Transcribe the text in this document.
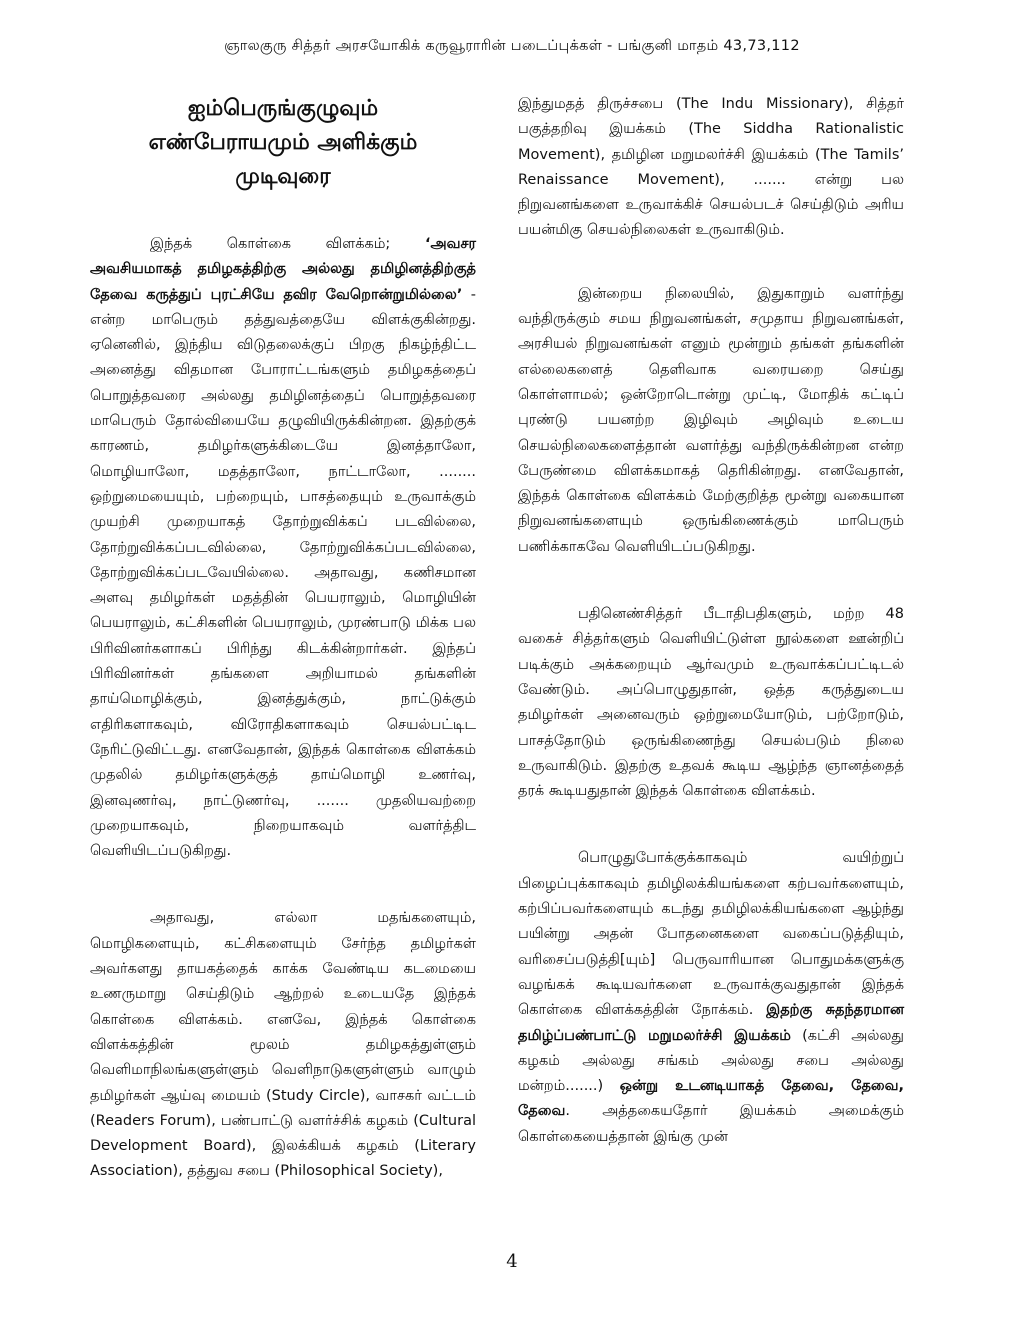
ஞாலகுரு சித்தர் அரசயோகிக் கருவூராரின் படைப்புக்கள் - பங்குனி மாதம் 43,73,112
ஐம்பெருங்குழுவும்
எண்பேராயமும் அளிக்கும்
முடிவுரை

இந்தக் கொள்கை விளக்கம்; ‘அவசர அவசியமாகத் தமிழகத்திற்கு அல்லது தமிழினத்திற்குத் தேவை கருத்துப் புரட்சியே தவிர வேறொன்றுமில்லை’ - என்ற மாபெரும் தத்துவத்தையே விளக்குகின்றது. ஏனெனில், இந்திய விடுதலைக்குப் பிறகு நிகழ்ந்திட்ட அனைத்து விதமான போராட்டங்களும் தமிழகத்தைப் பொறுத்தவரை அல்லது தமிழினத்தைப் பொறுத்தவரை மாபெரும் தோல்வியையே தழுவியிருக்கின்றன. இதற்குக் காரணம், தமிழர்களுக்கிடையே இனத்தாலோ, மொழியாலோ, மதத்தாலோ, நாட்டாலோ, ........ ஒற்றுமையையும், பற்றையும், பாசத்தையும் உருவாக்கும் முயற்சி முறையாகத் தோற்றுவிக்கப் படவில்லை, தோற்றுவிக்கப்படவில்லை, தோற்றுவிக்கப்படவில்லை, தோற்றுவிக்கப்படவேயில்லை. அதாவது, கணிசமான அளவு தமிழர்கள் மதத்தின் பெயராலும், மொழியின் பெயராலும், கட்சிகளின் பெயராலும், முரண்பாடு மிக்க பல பிரிவினர்களாகப் பிரிந்து கிடக்கின்றார்கள். இந்தப் பிரிவினர்கள் தங்களை அறியாமல் தங்களின் தாய்மொழிக்கும், இனத்துக்கும், நாட்டுக்கும் எதிரிகளாகவும், விரோதிகளாகவும் செயல்பட்டிட நேரிட்டுவிட்டது. எனவேதான், இந்தக் கொள்கை விளக்கம் முதலில் தமிழர்களுக்குத் தாய்மொழி உணர்வு, இனவுணர்வு, நாட்டுணர்வு, ....... முதலியவற்றை முறையாகவும், நிறையாகவும் வளர்த்திட வெளியிடப்படுகிறது.

அதாவது, எல்லா மதங்களையும், மொழிகளையும், கட்சிகளையும் சேர்ந்த தமிழர்கள் அவர்களது தாயகத்தைக் காக்க வேண்டிய கடமையை உணருமாறு செய்திடும் ஆற்றல் உடையதே இந்தக் கொள்கை விளக்கம். எனவே, இந்தக் கொள்கை விளக்கத்தின் மூலம் தமிழகத்துள்ளும் வெளிமாநிலங்களுள்ளும் வெளிநாடுகளுள்ளும் வாழும் தமிழர்கள் ஆய்வு மையம் (Study Circle), வாசகர் வட்டம் (Readers Forum), பண்பாட்டு வளர்ச்சிக் கழகம் (Cultural Development Board), இலக்கியக் கழகம் (Literary Association), தத்துவ சபை (Philosophical Society),

இந்துமதத் திருச்சபை (The Indu Missionary), சித்தர் பகுத்தறிவு இயக்கம் (The Siddha Rationalistic Movement), தமிழின மறுமலர்ச்சி இயக்கம் (The Tamils’ Renaissance Movement), ....... என்று பல நிறுவனங்களை உருவாக்கிச் செயல்படச் செய்திடும் அரிய பயன்மிகு செயல்நிலைகள் உருவாகிடும்.

இன்றைய நிலையில், இதுகாறும் வளர்ந்து வந்திருக்கும் சமய நிறுவனங்கள், சமுதாய நிறுவனங்கள், அரசியல் நிறுவனங்கள் எனும் மூன்றும் தங்கள் தங்களின் எல்லைகளைத் தெளிவாக வரையறை செய்து கொள்ளாமல்; ஒன்றோடொன்று முட்டி, மோதிக் கட்டிப் புரண்டு பயனற்ற இழிவும் அழிவும் உடைய செயல்நிலைகளைத்தான் வளர்த்து வந்திருக்கின்றன என்ற பேருண்மை விளக்கமாகத் தெரிகின்றது. எனவேதான், இந்தக் கொள்கை விளக்கம் மேற்குறித்த மூன்று வகையான நிறுவனங்களையும் ஒருங்கிணைக்கும் மாபெரும் பணிக்காகவே வெளியிடப்படுகிறது.

பதினெண்சித்தர் பீடாதிபதிகளும், மற்ற 48 வகைச் சித்தர்களும் வெளியிட்டுள்ள நூல்களை ஊன்றிப் படிக்கும் அக்கறையும் ஆர்வமும் உருவாக்கப்பட்டிடல் வேண்டும். அப்பொழுதுதான், ஒத்த கருத்துடைய தமிழர்கள் அனைவரும் ஒற்றுமையோடும், பற்றோடும், பாசத்தோடும் ஒருங்கிணைந்து செயல்படும் நிலை உருவாகிடும். இதற்கு உதவக் கூடிய ஆழ்ந்த ஞானத்தைத் தரக் கூடியதுதான் இந்தக் கொள்கை விளக்கம்.

பொழுதுபோக்குக்காகவும் வயிற்றுப் பிழைப்புக்காகவும் தமிழிலக்கியங்களை கற்பவர்களையும், கற்பிப்பவர்களையும் கடந்து தமிழிலக்கியங்களை ஆழ்ந்து பயின்று அதன் போதனைகளை வகைப்படுத்தியும், வரிசைப்படுத்தி[யும்] பெருவாரியான பொதுமக்களுக்கு வழங்கக் கூடியவர்களை உருவாக்குவதுதான் இந்தக் கொள்கை விளக்கத்தின் நோக்கம். இதற்கு சுதந்தரமான தமிழ்ப்பண்பாட்டு மறுமலர்ச்சி இயக்கம் (கட்சி அல்லது கழகம் அல்லது சங்கம் அல்லது சபை அல்லது மன்றம்.......) ஒன்று உடனடியாகத் தேவை, தேவை, தேவை. அத்தகையதோர் இயக்கம் அமைக்கும் கொள்கையைத்தான் இங்கு முன்

4
